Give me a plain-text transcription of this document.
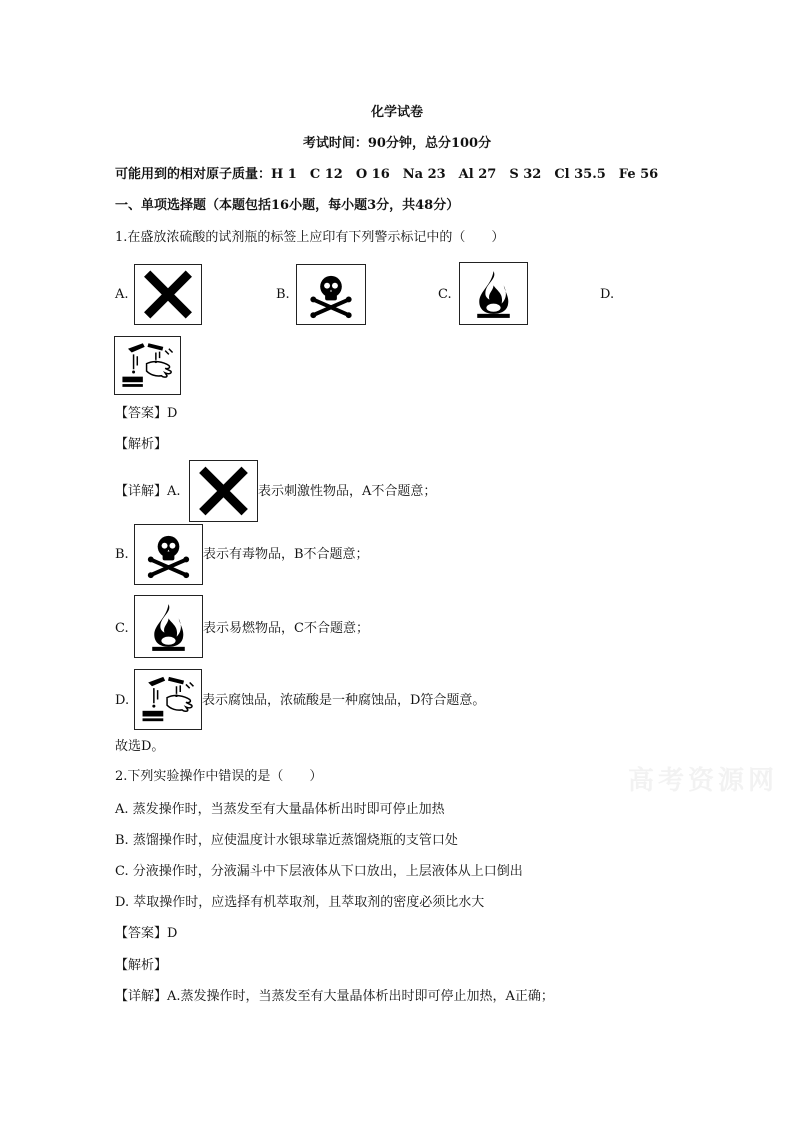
化学试卷
考试时间：90分钟，总分100分
可能用到的相对原子质量：H 1　C 12　O 16　Na 23　Al 27　S 32　Cl 35.5　Fe 56
一、单项选择题（本题包括16小题，每小题3分，共48分）
1.在盛放浓硫酸的试剂瓶的标签上应印有下列警示标记中的（　　）
A.	B.	C.	D.
【答案】D
【解析】
【详解】A.	表示刺激性物品，A不合题意；
B.	表示有毒物品，B不合题意；
C.	表示易燃物品，C不合题意；
D.	表示腐蚀品，浓硫酸是一种腐蚀品，D符合题意。
故选D。
高考资源网
2.下列实验操作中错误的是（　　）
A. 蒸发操作时，当蒸发至有大量晶体析出时即可停止加热
B. 蒸馏操作时，应使温度计水银球靠近蒸馏烧瓶的支管口处
C. 分液操作时，分液漏斗中下层液体从下口放出，上层液体从上口倒出
D. 萃取操作时，应选择有机萃取剂，且萃取剂的密度必须比水大
【答案】D
【解析】
【详解】A.蒸发操作时，当蒸发至有大量晶体析出时即可停止加热，A正确；
